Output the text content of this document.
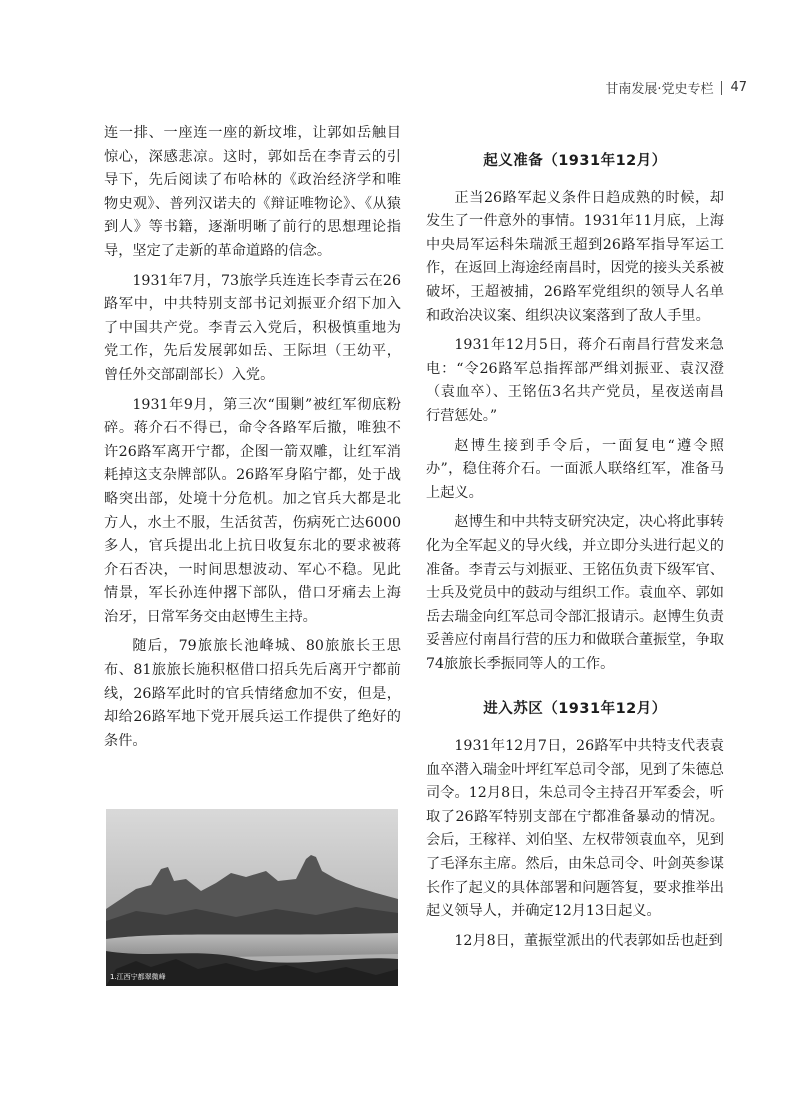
甘南发展·党史专栏 47

连一排、一座连一座的新坟堆，让郭如岳触目惊心，深感悲凉。这时，郭如岳在李青云的引导下，先后阅读了布哈林的《政治经济学和唯物史观》、普列汉诺夫的《辩证唯物论》、《从猿到人》等书籍，逐渐明晰了前行的思想理论指导，坚定了走新的革命道路的信念。

1931年7月，73旅学兵连连长李青云在26路军中，中共特别支部书记刘振亚介绍下加入了中国共产党。李青云入党后，积极慎重地为党工作，先后发展郭如岳、王际坦（王幼平，曾任外交部副部长）入党。

1931年9月，第三次“围剿”被红军彻底粉碎。蒋介石不得已，命令各路军后撤，唯独不许26路军离开宁都，企图一箭双雕，让红军消耗掉这支杂牌部队。26路军身陷宁都，处于战略突出部，处境十分危机。加之官兵大都是北方人，水土不服，生活贫苦，伤病死亡达6000多人，官兵提出北上抗日收复东北的要求被蒋介石否决，一时间思想波动、军心不稳。见此情景，军长孙连仲撂下部队，借口牙痛去上海治牙，日常军务交由赵博生主持。

随后，79旅旅长池峰城、80旅旅长王思布、81旅旅长施积枢借口招兵先后离开宁都前线，26路军此时的官兵情绪愈加不安，但是，却给26路军地下党开展兵运工作提供了绝好的条件。

1.江西宁都翠微峰
起义准备（1931年12月）

正当26路军起义条件日趋成熟的时候，却发生了一件意外的事情。1931年11月底，上海中央局军运科朱瑞派王超到26路军指导军运工作，在返回上海途经南昌时，因党的接头关系被破坏，王超被捕，26路军党组织的领导人名单和政治决议案、组织决议案落到了敌人手里。

1931年12月5日，蒋介石南昌行营发来急电：“令26路军总指挥部严缉刘振亚、袁汉澄（袁血卒）、王铭伍3名共产党员，星夜送南昌行营惩处。”

赵博生接到手令后，一面复电“遵令照办”，稳住蒋介石。一面派人联络红军，准备马上起义。

赵博生和中共特支研究决定，决心将此事转化为全军起义的导火线，并立即分头进行起义的准备。李青云与刘振亚、王铭伍负责下级军官、士兵及党员中的鼓动与组织工作。袁血卒、郭如岳去瑞金向红军总司令部汇报请示。赵博生负责妥善应付南昌行营的压力和做联合董振堂，争取74旅旅长季振同等人的工作。

进入苏区（1931年12月）

1931年12月7日，26路军中共特支代表袁血卒潜入瑞金叶坪红军总司令部，见到了朱德总司令。12月8日，朱总司令主持召开军委会，听取了26路军特别支部在宁都准备暴动的情况。会后，王稼祥、刘伯坚、左权带领袁血卒，见到了毛泽东主席。然后，由朱总司令、叶剑英参谋长作了起义的具体部署和问题答复，要求推举出起义领导人，并确定12月13日起义。

12月8日，董振堂派出的代表郭如岳也赶到
